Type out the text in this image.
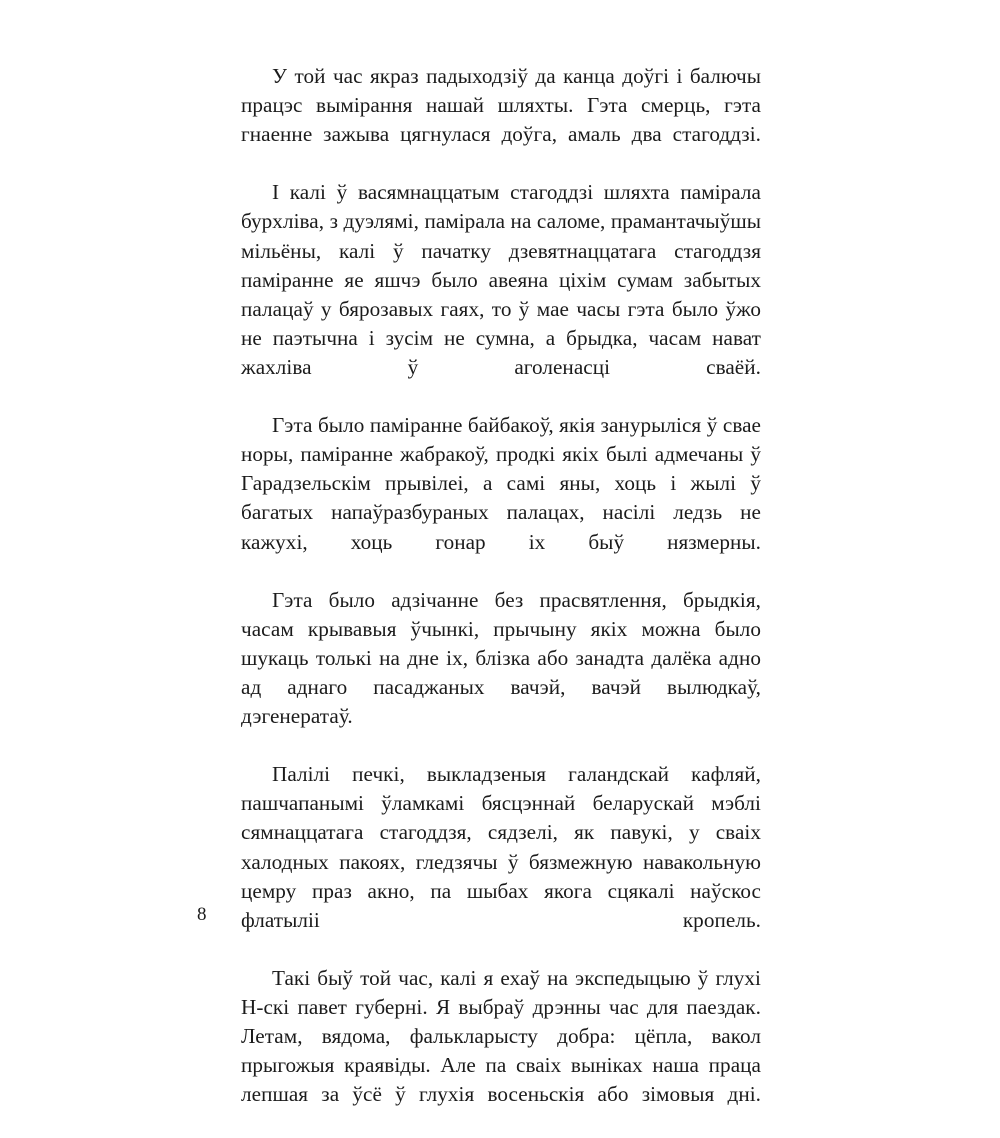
У той час якраз падыходзіў да канца доўгі і балючы працэс вымірання нашай шляхты. Гэта смерць, гэта гнаенне зажыва цягнулася доўга, амаль два стагоддзі.

І калі ў васямнаццатым стагоддзі шляхта памірала бурхліва, з дуэлямі, памірала на саломе, прамантачыўшы мільёны, калі ў пачатку дзевятнаццатага стагоддзя паміранне яе яшчэ было авеяна ціхім сумам забытых палацаў у бярозавых гаях, то ў мае часы гэта было ўжо не паэтычна і зусім не сумна, а брыдка, часам нават жахліва ў аголенасці сваёй.

Гэта было паміранне байбакоў, якія занурыліся ў свае норы, паміранне жабракоў, продкі якіх былі адмечаны ў Гарадзельскім прывілеі, а самі яны, хоць і жылі ў багатых напаўразбураных палацах, насілі ледзь не кажухі, хоць гонар іх быў нязмерны.

Гэта было адзічанне без прасвятлення, брыдкія, часам крывавыя ўчынкі, прычыну якіх можна было шукаць толькі на дне іх, блізка або занадта далёка адно ад аднаго пасаджаных вачэй, вачэй вылюдкаў, дэгенератаў.

Палілі печкі, выкладзеныя галандскай кафляй, пашчапанымі ўламкамі бясцэннай беларускай мэблі сямнаццатага стагоддзя, сядзелі, як павукі, у сваіх халодных пакоях, гледзячы ў бязмежную навакольную цемру праз акно, па шыбах якога сцякалі наўскос флатыліі кропель.

Такі быў той час, калі я ехаў на экспедыцыю ў глухі Н-скі павет губерні. Я выбраў дрэнны час для паездак. Летам, вядома, фалькларысту добра: цёпла, вакол прыгожыя краявіды. Але па сваіх выніках наша праца лепшая за ўсё ў глухія восеньскія або зімовыя дні.

8
